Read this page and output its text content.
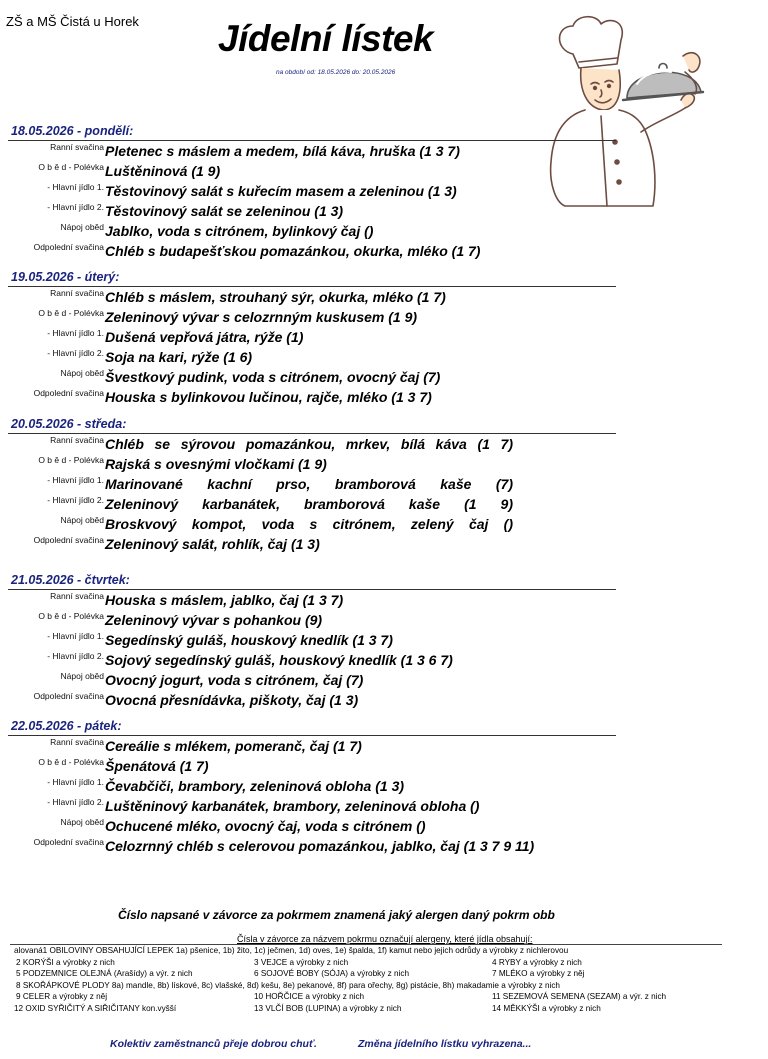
ZŠ a MŠ Čistá u Horek Jídelní lístek
na období od: 18.05.2026 do: 20.05.2026
18.05.2026 - pondělí:
Ranní svačina Pletenec s máslem a medem, bílá káva, hruška (1 3 7)
O b ě d - Polévka Luštěninová (1 9)
- Hlavní jídlo 1. Těstovinový salát s kuřecím masem a zeleninou (1 3)
- Hlavní jídlo 2. Těstovinový salát se zeleninou (1 3)
Nápoj oběd Jablko, voda s citrónem, bylinkový čaj ()
Odpolední svačina Chléb s budapešťskou pomazánkou, okurka, mléko (1 7)
19.05.2026 - úterý:
Ranní svačina Chléb s máslem, strouhaný sýr, okurka, mléko (1 7)
O b ě d - Polévka Zeleninový vývar s celozrnným kuskusem (1 9)
- Hlavní jídlo 1. Dušená vepřová játra, rýže (1)
- Hlavní jídlo 2. Soja na kari, rýže (1 6)
Nápoj oběd Švestkový pudink, voda s citrónem, ovocný čaj (7)
Odpolední svačina Houska s bylinkovou lučinou, rajče, mléko (1 3 7)
20.05.2026 - středa:
Ranní svačina Chléb se sýrovou pomazánkou, mrkev, bílá káva (1 7)
O b ě d - Polévka Rajská s ovesnými vločkami (1 9)
- Hlavní jídlo 1. Marinované kachní prso, bramborová kaše (7)
- Hlavní jídlo 2. Zeleninový karbanátek, bramborová kaše (1 9)
Nápoj oběd Broskvový kompot, voda s citrónem, zelený čaj ()
Odpolední svačina Zeleninový salát, rohlík, čaj (1 3)
21.05.2026 - čtvrtek:
Ranní svačina Houska s máslem, jablko, čaj (1 3 7)
O b ě d - Polévka Zeleninový vývar s pohankou (9)
- Hlavní jídlo 1. Segedínský guláš, houskový knedlík (1 3 7)
- Hlavní jídlo 2. Sojový segedínský guláš, houskový knedlík (1 3 6 7)
Nápoj oběd Ovocný jogurt, voda s citrónem, čaj (7)
Odpolední svačina Ovocná přesnídávka, piškoty, čaj (1 3)
22.05.2026 - pátek:
Ranní svačina Cereálie s mlékem, pomeranč, čaj (1 7)
O b ě d - Polévka Špenátová (1 7)
- Hlavní jídlo 1. Čevabčiči, brambory, zeleninová obloha (1 3)
- Hlavní jídlo 2. Luštěninový karbanátek, brambory, zeleninová obloha ()
Nápoj oběd Ochucené mléko, ovocný čaj, voda s citrónem ()
Odpolední svačina Celozrnný chléb s celerovou pomazánkou, jablko, čaj (1 3 7 9 11)
Číslo napsané v závorce za pokrmem znamená jaký alergen daný pokrm obb
Čísla v závorce za názvem pokrmu označují alergeny, které jídla obsahují:
alovaná1 OBILOVINY OBSAHUJÍCÍ LEPEK 1a) pšenice, 1b) žito, 1c) ječmen, 1d) oves, 1e) špalda, 1f) kamut nebo jejich odrůdy a výrobky z nichlerovou
2 KORÝŠI a výrobky z nich	3 VEJCE a výrobky z nich	4 RYBY a výrobky z nich
5 PODZEMNICE OLEJNÁ (Arašídy) a výr. z nich	6 SOJOVÉ BOBY (SÓJA) a výrobky z nich	7 MLÉKO a výrobky z něj
8 SKOŘÁPKOVÉ PLODY 8a) mandle, 8b) lískové, 8c) vlašské, 8d) kešu, 8e) pekanové, 8f) para ořechy, 8g) pistácie, 8h) makadamie a výrobky z nich
9 CELER a výrobky z něj	10 HOŘČICE a výrobky z nich	11 SEZEMOVÁ SEMENA (SEZAM) a výr. z nich
12 OXID SYŘIČITÝ A SIŘIČITANY kon.vyšší	13 VLČÍ BOB (LUPINA) a výrobky z nich	14 MĚKKÝŠI a výrobky z nich
Kolektiv zaměstnanců přeje dobrou chuť.	Změna jídelního lístku vyhrazena...
